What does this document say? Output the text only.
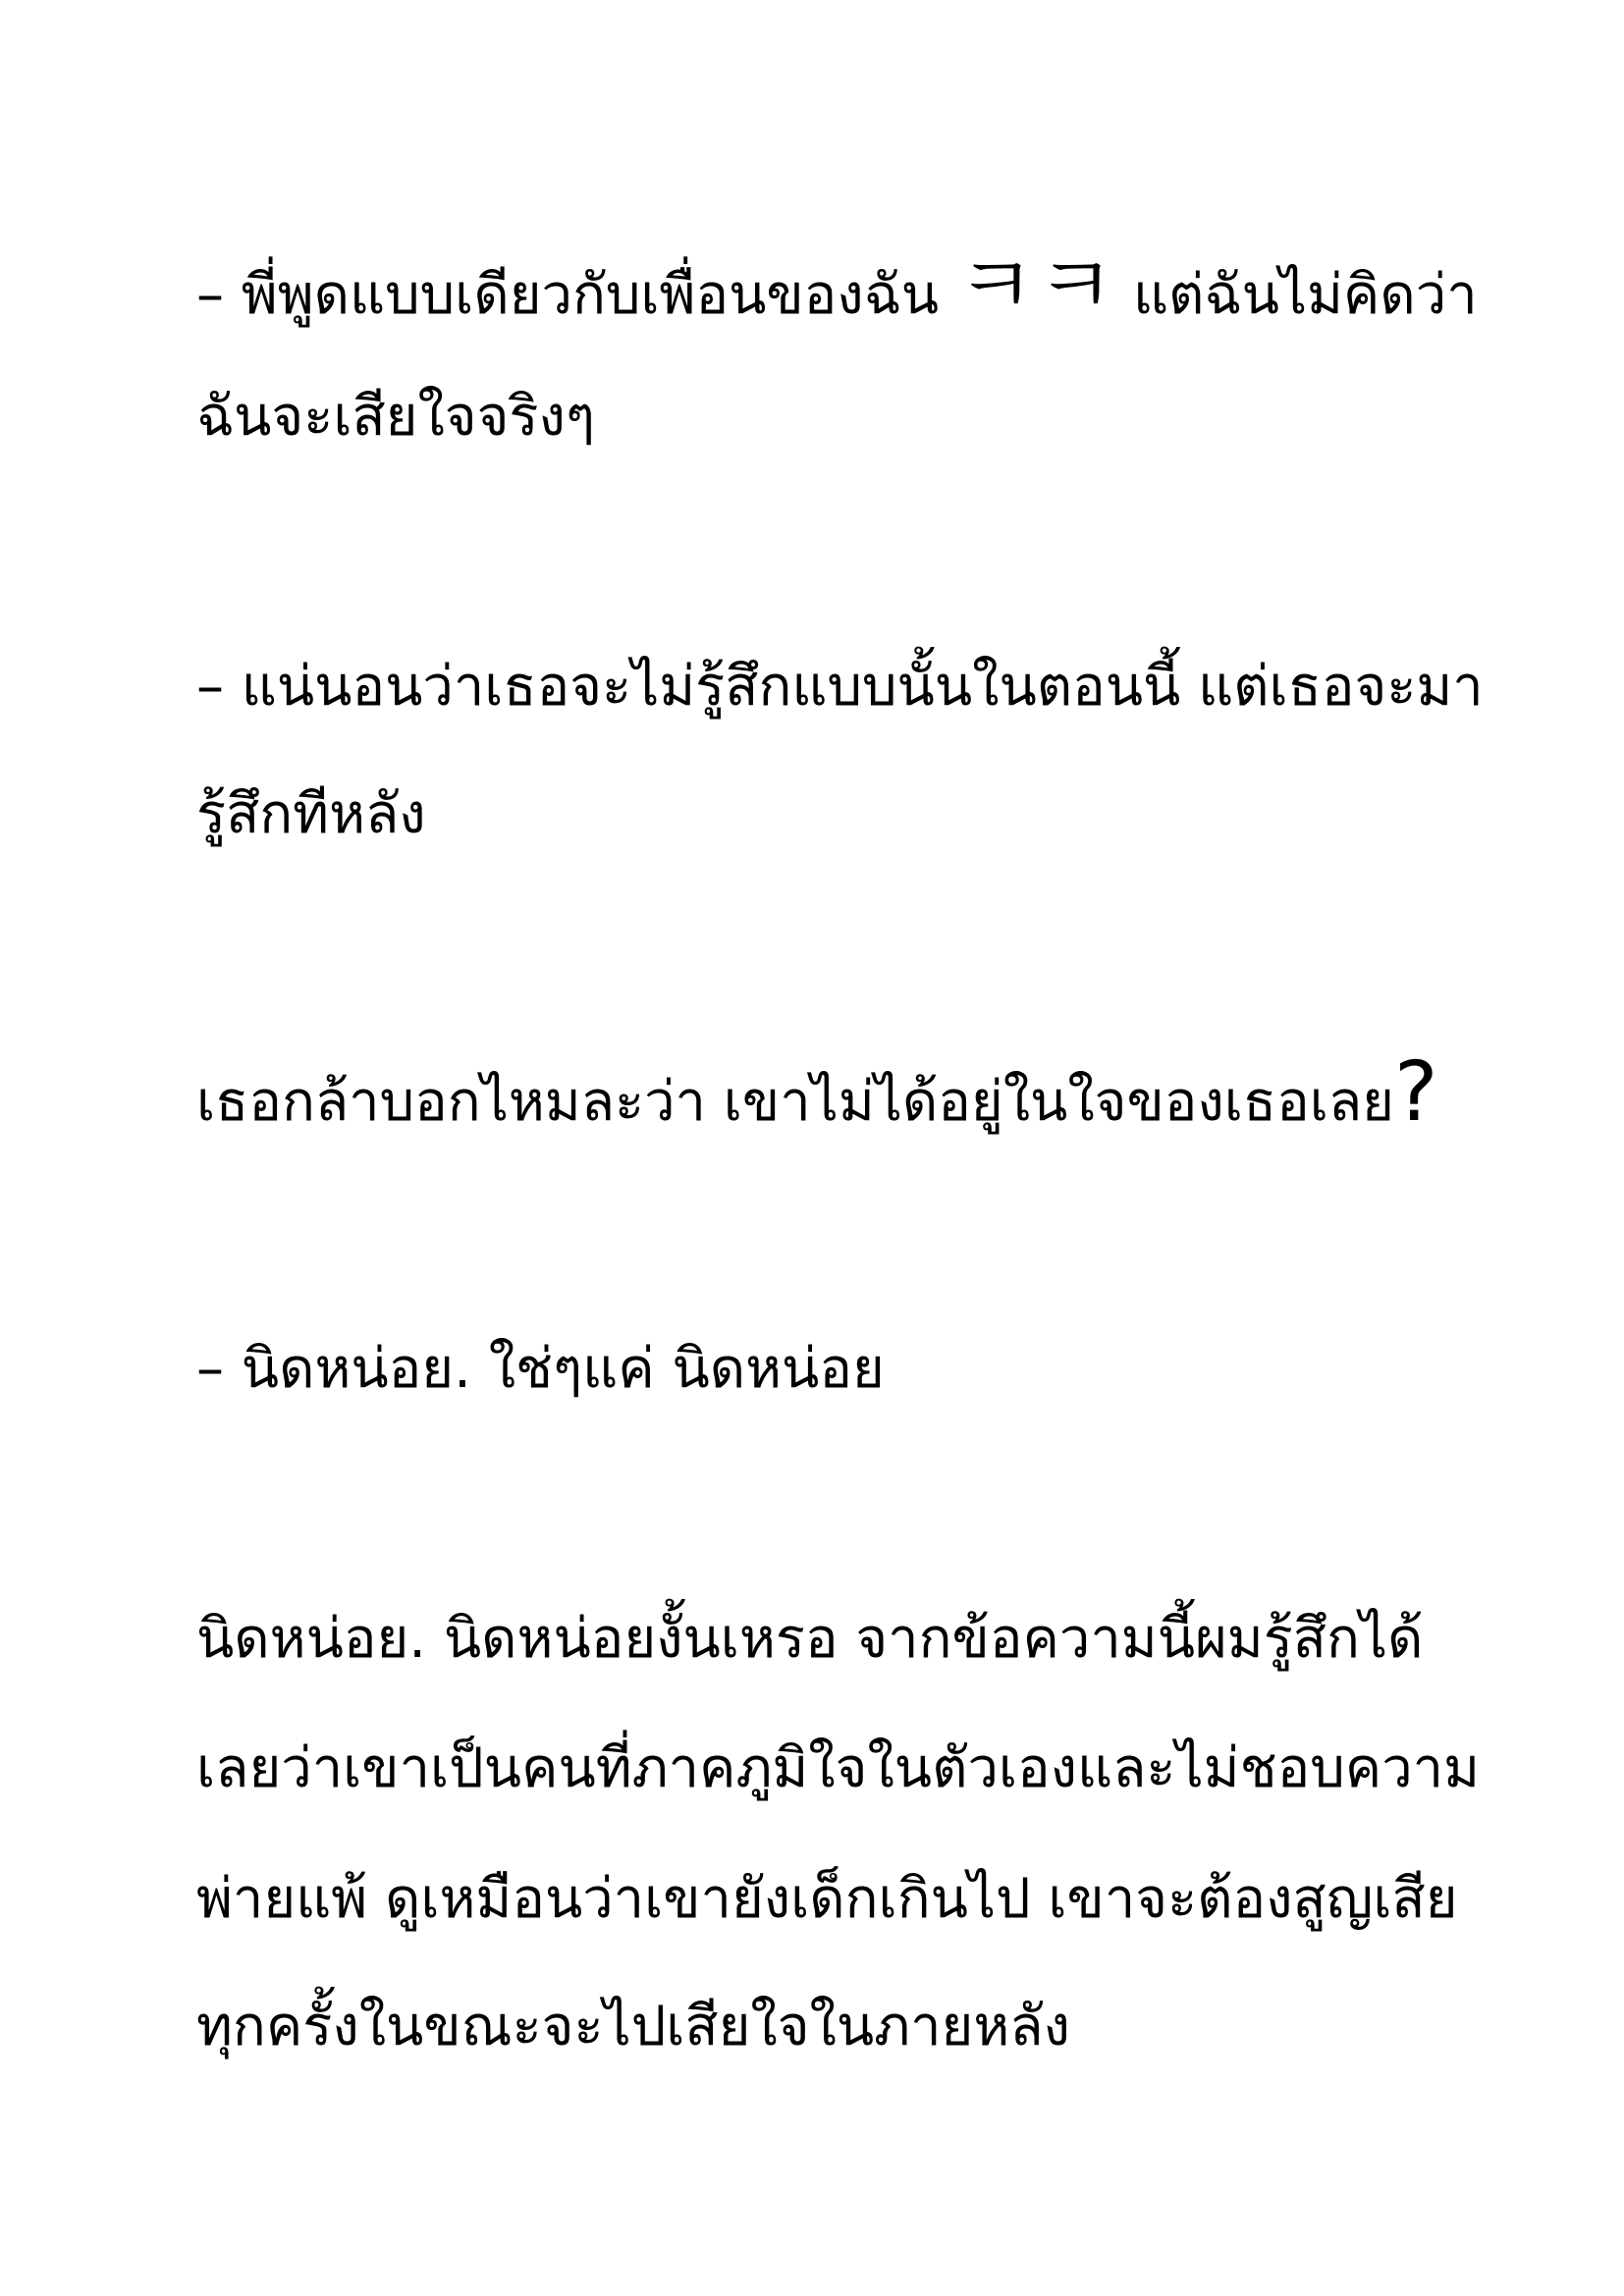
– พี่พูดแบบเดียวกับเพื่อนของฉัน ㅋㅋ แต่ฉันไม่คิดว่า
ฉันจะเสียใจจริงๆ
– แน่นอนว่าเธอจะไม่รู้สึกแบบนั้นในตอนนี้ แต่เธอจะมา
รู้สึกทีหลัง
เธอกล้าบอกไหมละว่า เขาไม่ได้อยู่ในใจของเธอเลย?
– นิดหน่อย. ใช่ๆแค่ นิดหน่อย
นิดหน่อย. นิดหน่อยงั้นเหรอ จากข้อความนี้ผมรู้สึกได้
เลยว่าเขาเป็นคนที่ภาคภูมิใจในตัวเองและไม่ชอบความ
พ่ายแพ้ ดูเหมือนว่าเขายังเด็กเกินไป เขาจะต้องสูญเสีย
ทุกครั้งในขณะจะไปเสียใจในภายหลัง
